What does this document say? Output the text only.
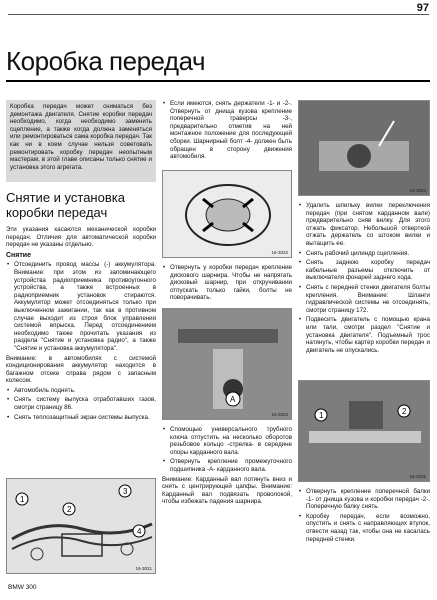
97
Коробка передач
Коробка передач может сниматься без демонтажа двигателя. Снятие коробки передач необходимо, когда необходимо заменить сцепление, а также когда должна заменяться или ремонтироваться сама коробка передач. Так как ни в коем случае нельзя советовать ремонтировать коробку передач неопытным мастерам, в этой главе описаны только снятие и установка этого агрегата.
Снятие и установка коробки передач

Эти указания касаются механической коробки передач. Отличия для автоматической коробки передач не указаны отдельно.

Снятие
• Отсоединить провод массы (-) аккумулятора. Внимание: при этом из запоминающего устройства радиоприемника противоугонного устройства, а также встроенных в радиоприемник установок стираются. Аккумулятор может отсоединяться только при выключенном зажигании, так как в противном случае выходит из строя блок управления системой впрыска. Перед отсоединением необходимо также прочитать указания из раздела "Снятие и установка радио", а также "Снятие и установка аккумулятора".

Внимание: в автомобилях с системой кондиционирования аккумулятор находится в багажном отсеке справа рядом с запасным колесом.

• Автомобиль поднять.
• Снять систему выпуска отработавших газов, смотри страницу 86.
• Снять теплозащитный экран системы выпуска.
3
1
2
4
16-3021
• Если имеются, снять держатели -1- и -2-. Отвернуть от днища кузова крепление поперечной траверсы -3-, предварительно отметив на ней монтажное положение для последующей сборки. Шарнирный болт -4- должен быть обращен в сторону движения автомобиля.
16-3022
• Отвернуть у коробки передач крепление дискового шарнира. Чтобы не напрягать дисковый шарнир, при откручивании отпускать только гайки, болты не поворачивать.
A
16-3023
• Спомощью универсального трубного ключа отпустить на несколько оборотов резьбовое кольцо -стрелка- в середине опоры карданного вала.
• Отвернуть крепление промежуточного подшипника -A- карданного вала.

Внимание: Карданный вал потянуть вниз и снять с центрирующей цапфы. Внимание: Карданный вал подвязать проволокой, чтобы избежать падения шарнира.

16-3024
• Удалить шпильку вилки переключения передач (при снятом карданном вале) предварительно сняв вилку. Для этого отжать фиксатор. Небольшой отверткой отжать держатель со штоком вилки и вытащить ее.
• Снять рабочий цилиндр сцепления.
• Снять заднюю коробку передач кабельные разъемы отключить от выключателя фонарей заднего хода.
• Снять с передней стенки двигателя болты крепления. Внимание: Шланги гидравлической системы не отсоединять, смотри страницу 172.
• Подвесить двигатель с помощью крана или тали, смотри раздел "Снятие и установка двигателя". Подъемный трос натянуть, чтобы картер коробки передач и двигатель не опускались.
1	2
16-3025
• Отвернуть крепление поперечной балки -1- от днища кузова и коробки передач -2-. Поперечную балку снять.
• Коробку передач, если возможно, опустить и снять с направляющих втулок, отвести назад так, чтобы она не касалась передней стенки.
BMW 300
